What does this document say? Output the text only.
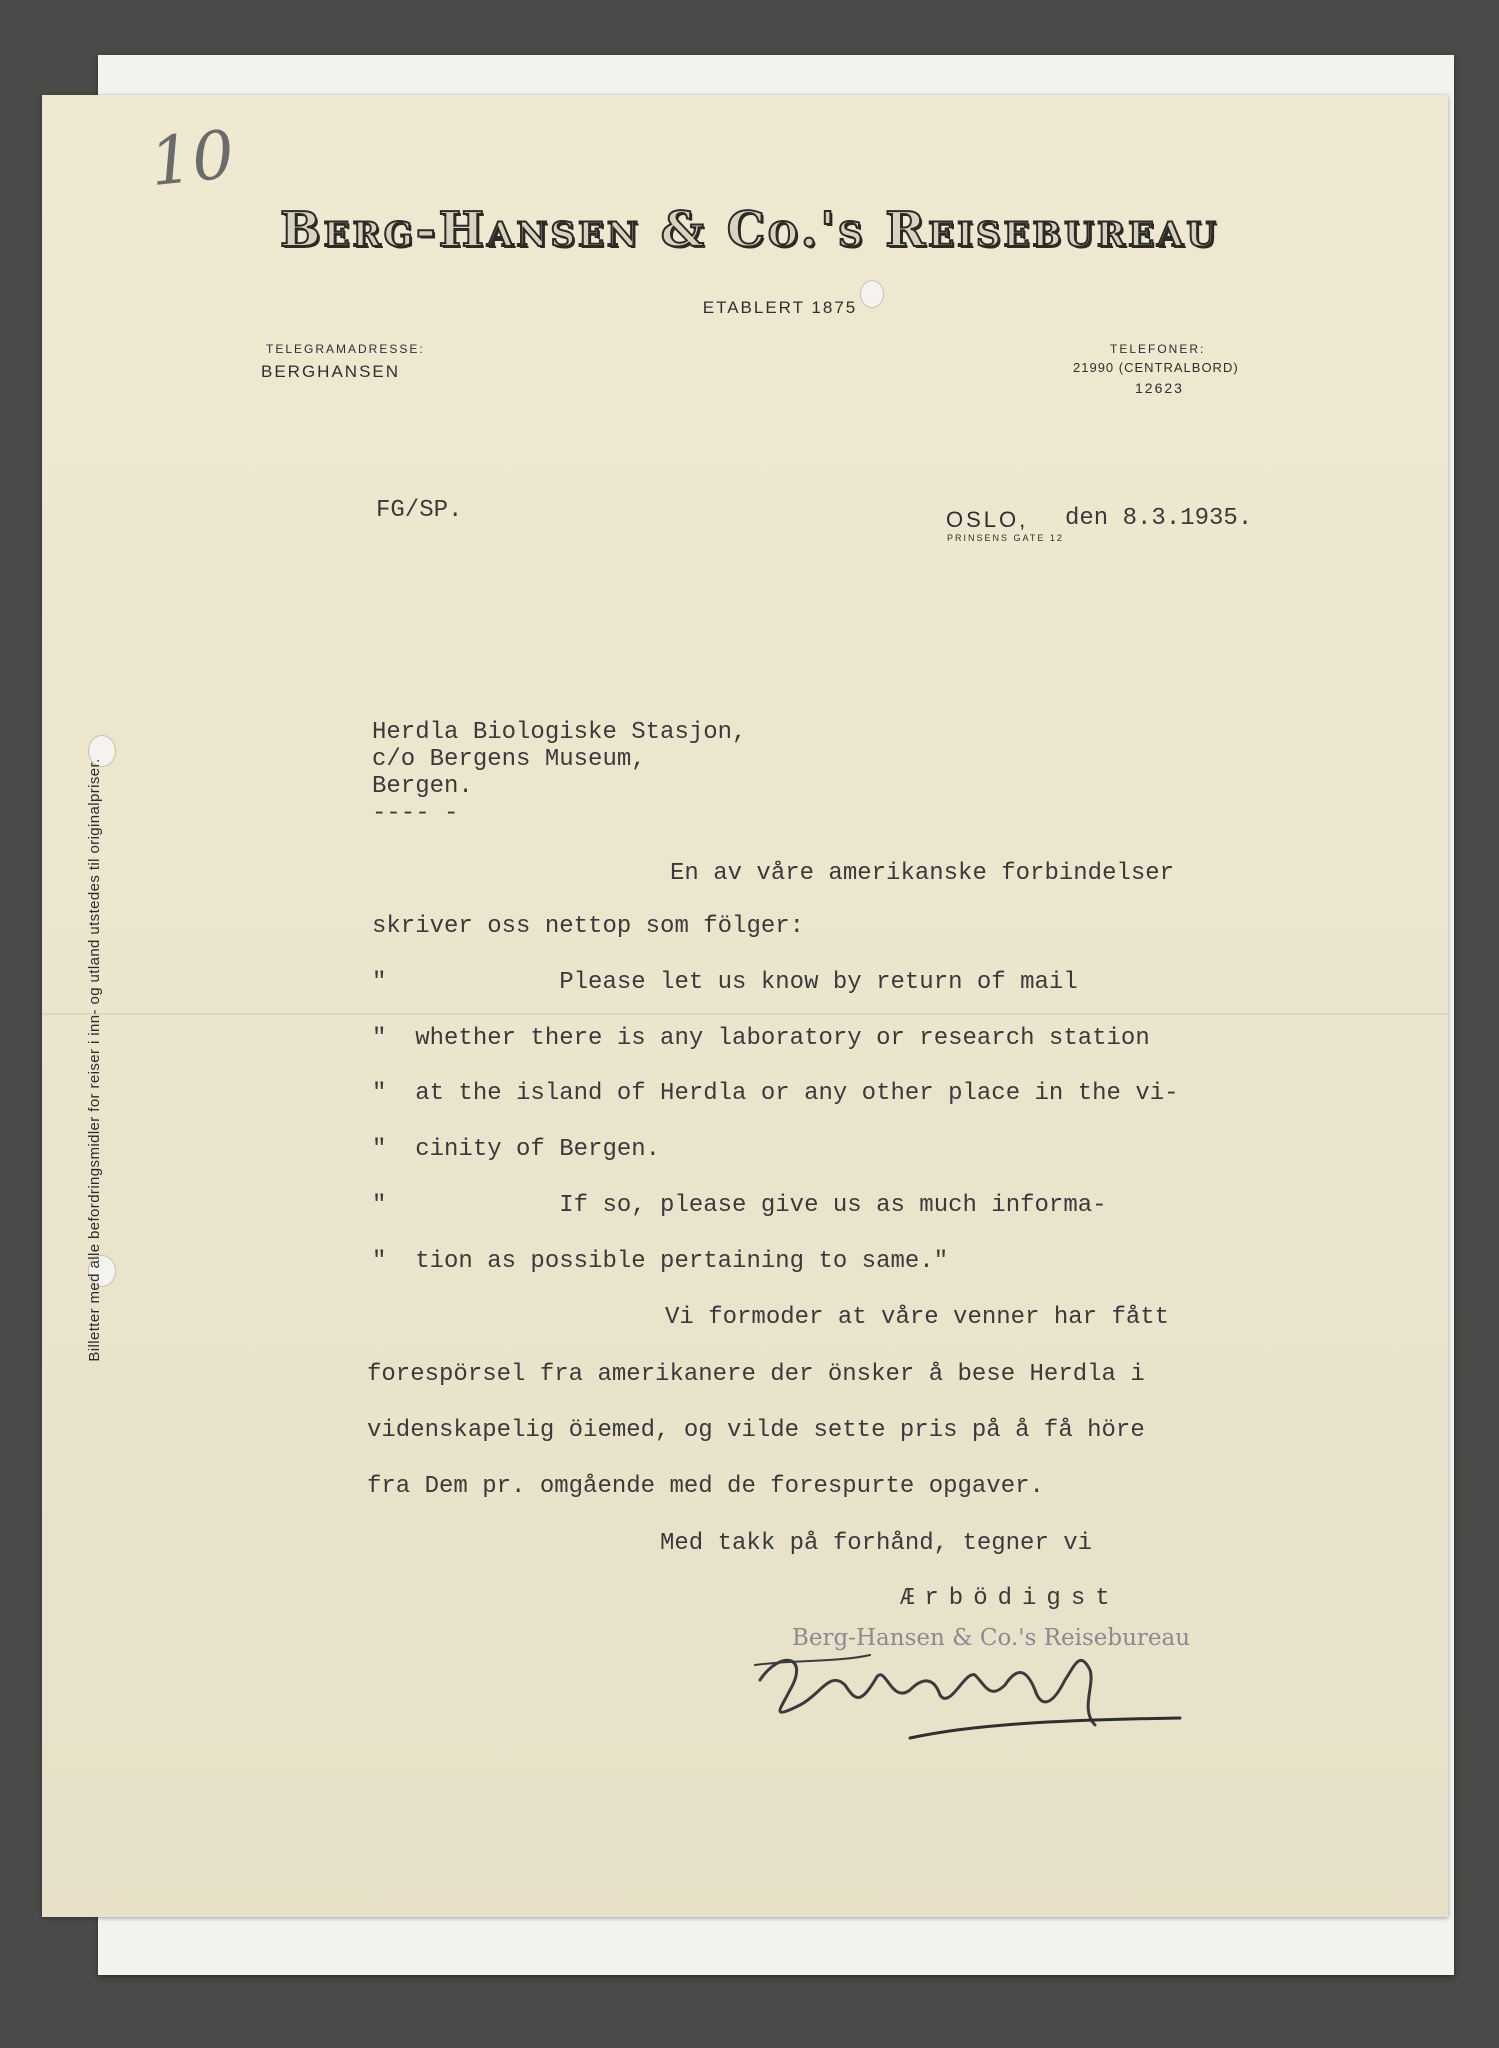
10
Berg-Hansen & Co.'s Reisebureau
ETABLERT 1875
TELEGRAMADRESSE:
BERGHANSEN
TELEFONER:
21990 (CENTRALBORD)
12623
FG/SP.	OSLO, den 8.3.1935.
PRINSENS GATE 12
Billetter med alle befordringsmidler for reiser i inn- og utland utstedes til originalpriser.
Herdla Biologiske Stasjon,
c/o Bergens Museum,
Bergen.
---- -
En av våre amerikanske forbindelser
skriver oss nettop som fölger:
"            Please let us know by return of mail
"  whether there is any laboratory or research station
"  at the island of Herdla or any other place in the vi-
"  cinity of Bergen.
"            If so, please give us as much informa-
"  tion as possible pertaining to same."
Vi formoder at våre venner har fått
forespörsel fra amerikanere der önsker å bese Herdla i
videnskapelig öiemed, og vilde sette pris på å få höre
fra Dem pr. omgående med de forespurte opgaver.
Med takk på forhånd, tegner vi
Ærbödigst
Berg-Hansen & Co.'s Reisebureau
